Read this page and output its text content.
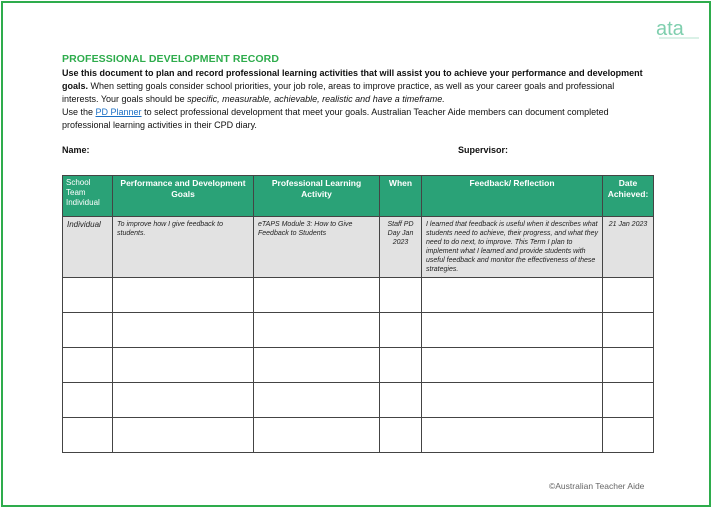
ata
PROFESSIONAL DEVELOPMENT RECORD
Use this document to plan and record professional learning activities that will assist you to achieve your performance and development goals. When setting goals consider school priorities, your job role, areas to improve practice, as well as your career goals and professional interests. Your goals should be specific, measurable, achievable, realistic and have a timeframe.
Use the PD Planner to select professional development that meet your goals. Australian Teacher Aide members can document completed professional learning activities in their CPD diary.
Name:	Supervisor:
School Team Individual	Performance and Development Goals	Professional Learning Activity	When	Feedback/ Reflection	Date Achieved:
Individual	To improve how I give feedback to students.	eTAPS Module 3: How to Give Feedback to Students	Staff PD Day Jan 2023	I learned that feedback is useful when it describes what students need to achieve, their progress, and what they need to do next, to improve. This Term I plan to implement what I learned and provide students with useful feedback and monitor the effectiveness of these strategies.	21 Jan 2023

©Australian Teacher Aide
